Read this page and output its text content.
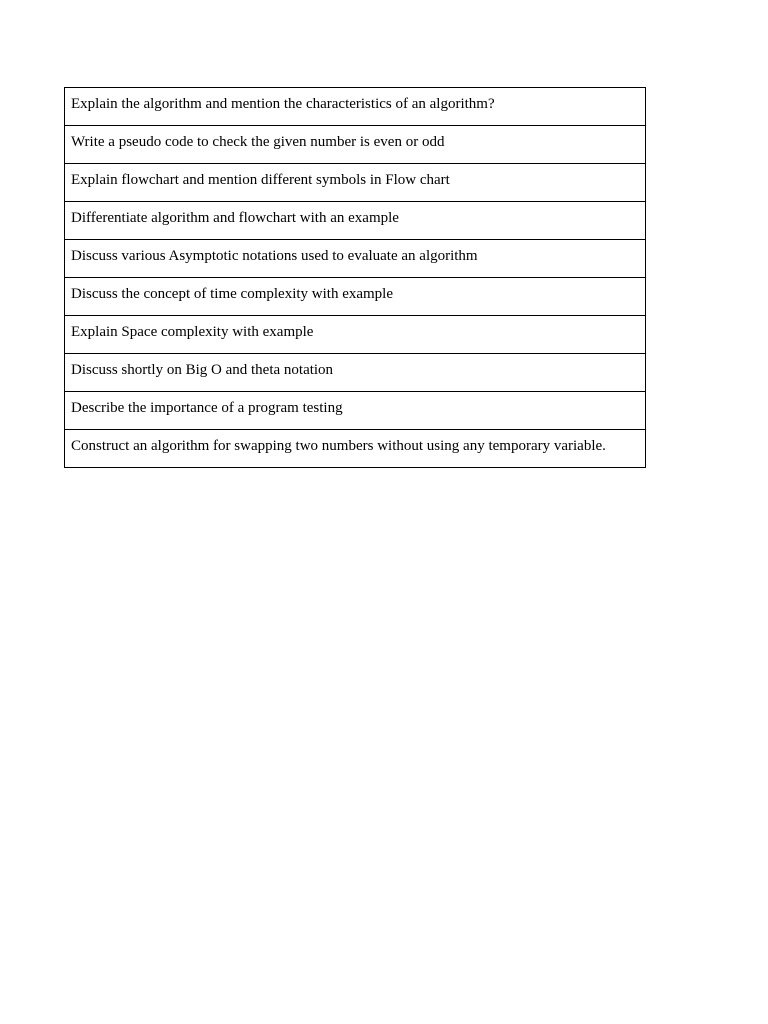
Explain the algorithm and mention the characteristics of an algorithm?
Write a pseudo code to check the given number is even or odd
Explain flowchart and mention different symbols in Flow chart
Differentiate algorithm and flowchart with an example
Discuss various Asymptotic notations used to evaluate an algorithm
Discuss the concept of time complexity with example
Explain Space complexity with example
Discuss shortly on Big O and theta notation
Describe the importance of a program testing
Construct an algorithm for swapping two numbers without using any temporary variable.
